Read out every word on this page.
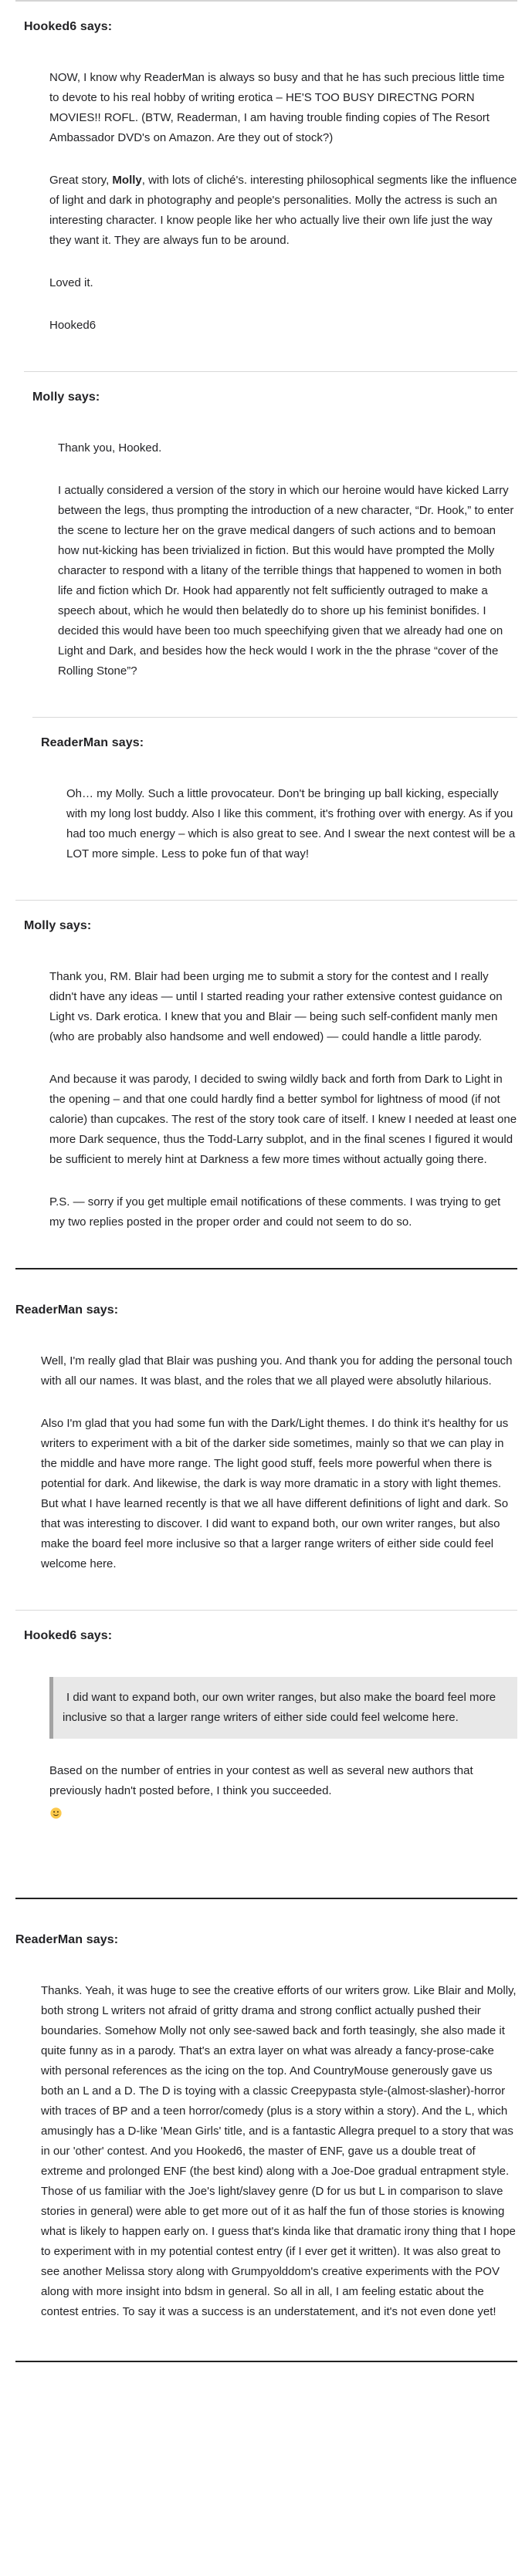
Hooked6 says:

NOW, I know why ReaderMan is always so busy and that he has such precious little time to devote to his real hobby of writing erotica – HE'S TOO BUSY DIRECTNG PORN MOVIES!! ROFL. (BTW, Readerman, I am having trouble finding copies of The Resort Ambassador DVD's on Amazon. Are they out of stock?)

Great story, Molly, with lots of cliché's. interesting philosophical segments like the influence of light and dark in photography and people's personalities. Molly the actress is such an interesting character. I know people like her who actually live their own life just the way they want it. They are always fun to be around.

Loved it.

Hooked6

Molly says:

Thank you, Hooked.

I actually considered a version of the story in which our heroine would have kicked Larry between the legs, thus prompting the introduction of a new character, “Dr. Hook,” to enter the scene to lecture her on the grave medical dangers of such actions and to bemoan how nut-kicking has been trivialized in fiction. But this would have prompted the Molly character to respond with a litany of the terrible things that happened to women in both life and fiction which Dr. Hook had apparently not felt sufficiently outraged to make a speech about, which he would then belatedly do to shore up his feminist bonifides. I decided this would have been too much speechifying given that we already had one on Light and Dark, and besides how the heck would I work in the the phrase “cover of the Rolling Stone”?

ReaderMan says:

Oh… my Molly. Such a little provocateur. Don't be bringing up ball kicking, especially with my long lost buddy. Also I like this comment, it's frothing over with energy. As if you had too much energy – which is also great to see. And I swear the next contest will be a LOT more simple. Less to poke fun of that way!

Molly says:

Thank you, RM. Blair had been urging me to submit a story for the contest and I really didn't have any ideas — until I started reading your rather extensive contest guidance on Light vs. Dark erotica. I knew that you and Blair — being such self-confident manly men (who are probably also handsome and well endowed) — could handle a little parody.

And because it was parody, I decided to swing wildly back and forth from Dark to Light in the opening – and that one could hardly find a better symbol for lightness of mood (if not calorie) than cupcakes. The rest of the story took care of itself. I knew I needed at least one more Dark sequence, thus the Todd-Larry subplot, and in the final scenes I figured it would be sufficient to merely hint at Darkness a few more times without actually going there.

P.S. — sorry if you get multiple email notifications of these comments. I was trying to get my two replies posted in the proper order and could not seem to do so.

ReaderMan says:

Well, I'm really glad that Blair was pushing you. And thank you for adding the personal touch with all our names. It was blast, and the roles that we all played were absolutly hilarious.

Also I'm glad that you had some fun with the Dark/Light themes. I do think it's healthy for us writers to experiment with a bit of the darker side sometimes, mainly so that we can play in the middle and have more range. The light good stuff, feels more powerful when there is potential for dark. And likewise, the dark is way more dramatic in a story with light themes. But what I have learned recently is that we all have different definitions of light and dark. So that was interesting to discover. I did want to expand both, our own writer ranges, but also make the board feel more inclusive so that a larger range writers of either side could feel welcome here.

Hooked6 says:
I did want to expand both, our own writer ranges, but also make the board feel more inclusive so that a larger range writers of either side could feel welcome here.

Based on the number of entries in your contest as well as several new authors that previously hadn't posted before, I think you succeeded.

ReaderMan says:

Thanks. Yeah, it was huge to see the creative efforts of our writers grow. Like Blair and Molly, both strong L writers not afraid of gritty drama and strong conflict actually pushed their boundaries. Somehow Molly not only see-sawed back and forth teasingly, she also made it quite funny as in a parody. That's an extra layer on what was already a fancy-prose-cake with personal references as the icing on the top. And CountryMouse generously gave us both an L and a D. The D is toying with a classic Creepypasta style-(almost-slasher)-horror with traces of BP and a teen horror/comedy (plus is a story within a story). And the L, which amusingly has a D-like 'Mean Girls' title, and is a fantastic Allegra prequel to a story that was in our 'other' contest. And you Hooked6, the master of ENF, gave us a double treat of extreme and prolonged ENF (the best kind) along with a Joe-Doe gradual entrapment style. Those of us familiar with the Joe's light/slavey genre (D for us but L in comparison to slave stories in general) were able to get more out of it as half the fun of those stories is knowing what is likely to happen early on. I guess that's kinda like that dramatic irony thing that I hope to experiment with in my potential contest entry (if I ever get it written). It was also great to see another Melissa story along with Grumpyolddom's creative experiments with the POV along with more insight into bdsm in general. So all in all, I am feeling estatic about the contest entries. To say it was a success is an understatement, and it's not even done yet!
